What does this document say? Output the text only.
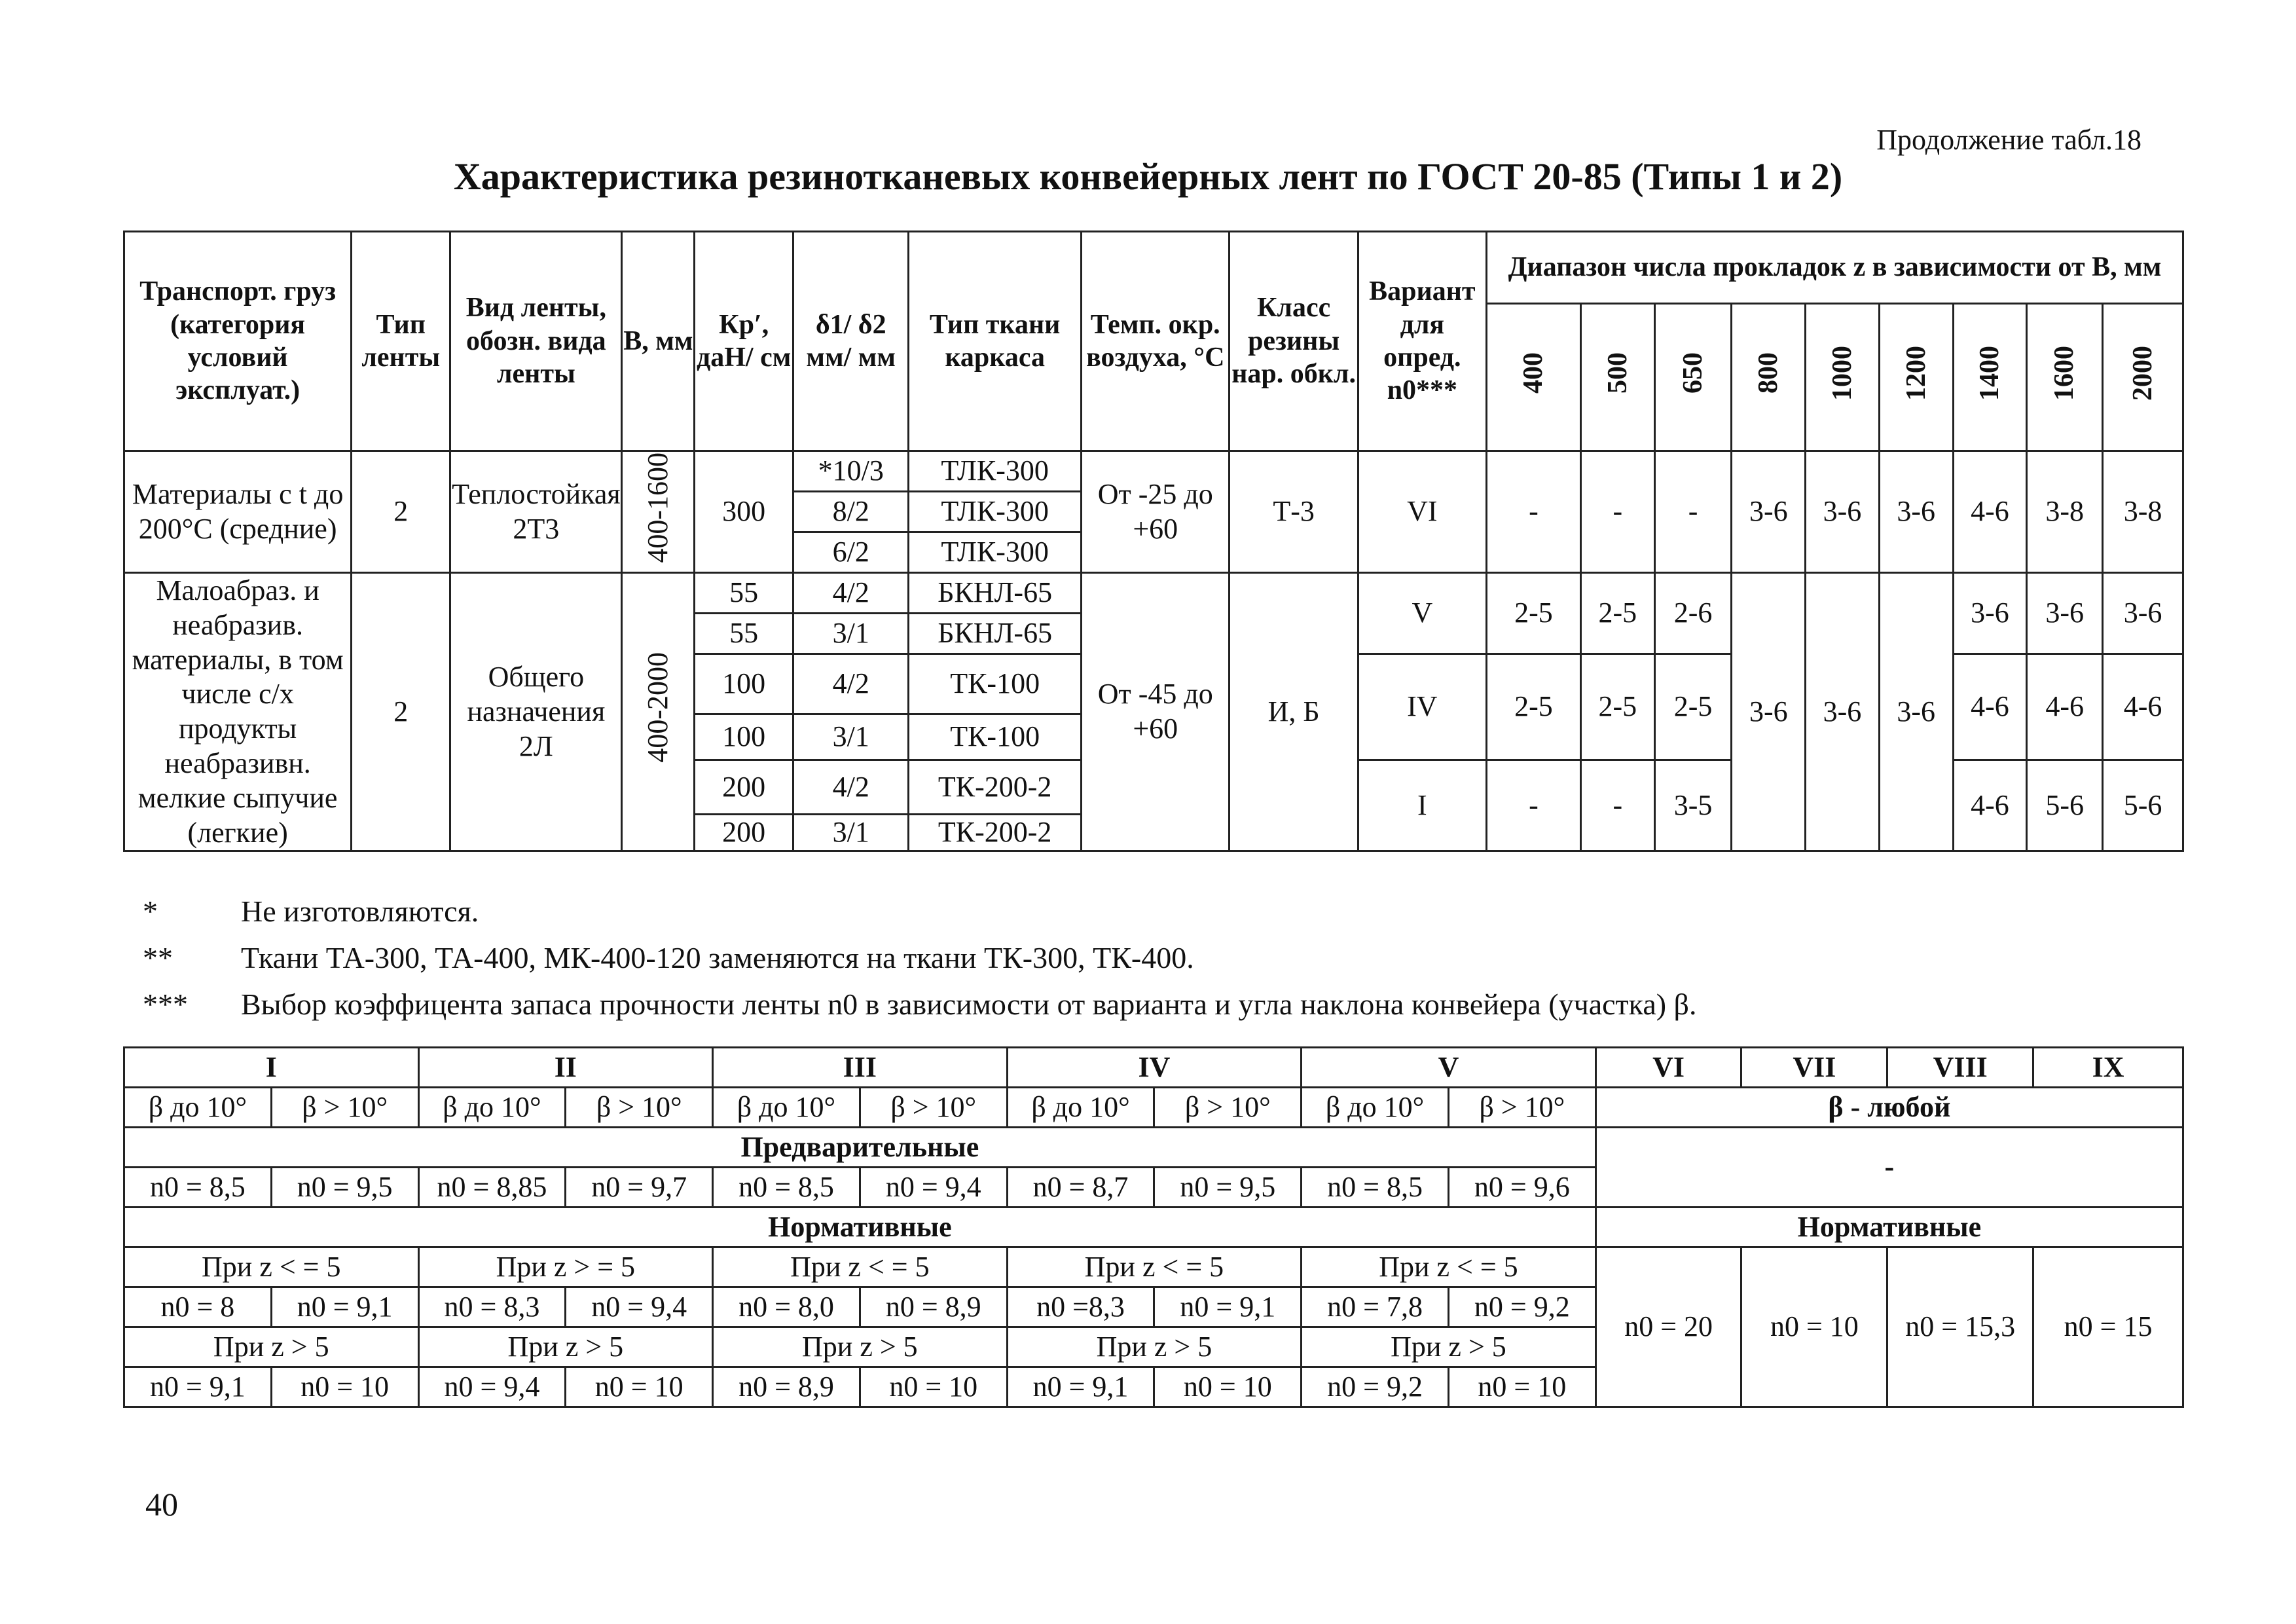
Продолжение табл.18
Характеристика резинотканевых конвейерных лент по ГОСТ 20-85 (Типы 1 и 2)
Транспорт. груз (категория условий эксплуат.)	Тип ленты	Вид ленты, обозн. вида ленты	В, мм	Кр′, даН/ см	δ1/ δ2 мм/ мм	Тип ткани каркаса	Темп. окр. воздуха, °С	Класс резины нар. обкл.	Вариант для опред. n0***	Диапазон числа прокладок z в зависимости от В, мм								
										400	500	650	800	1000	1200	1400	1600	2000
Материалы с t до 200°С (средние)	2	Теплостойкая 2Т3	400-1600	300	*10/3	ТЛК-300	От -25 до +60	Т-3	VI	-	-	-	3-6	3-6	3-6	4-6	3-8	3-8
					8/2	ТЛК-300												
					6/2	ТЛК-300												
Малоабраз. и неабразив. материалы, в том числе с/х продукты неабразивн. мелкие сыпучие (легкие)	2	Общего назначения 2Л	400-2000	55	4/2	БКНЛ-65	От -45 до +60	И, Б	V	2-5	2-5	2-6	3-6	3-6	3-6	3-6	3-6	3-6
				55	3/1	БКНЛ-65												
				100	4/2	ТК-100			IV	2-5	2-5	2-5				4-6	4-6	4-6
				100	3/1	ТК-100												
				200	4/2	ТК-200-2			I	-	-	3-5				4-6	5-6	5-6
				200	3/1	ТК-200-2												
*	Не изготовляются.
**	Ткани ТА-300, ТА-400, МК-400-120 заменяются на ткани ТК-300, ТК-400.
***	Выбор коэффицента запаса прочности ленты n0 в зависимости от варианта и угла наклона конвейера (участка) β.
I		II		III		IV		V		VI	VII	VIII	IX
β до 10°	β > 10°	β до 10°	β > 10°	β до 10°	β > 10°	β до 10°	β > 10°	β до 10°	β > 10°	β - любой			
Предварительные										-			
n0 = 8,5	n0 = 9,5	n0 = 8,85	n0 = 9,7	n0 = 8,5	n0 = 9,4	n0 = 8,7	n0 = 9,5	n0 = 8,5	n0 = 9,6				
Нормативные										Нормативные			
При z < = 5		При z > = 5		При z < = 5		При z < = 5		При z < = 5		n0 = 20	n0 = 10	n0 = 15,3	n0 = 15
n0 = 8	n0 = 9,1	n0 = 8,3	n0 = 9,4	n0 = 8,0	n0 = 8,9	n0 =8,3	n0 = 9,1	n0 = 7,8	n0 = 9,2				
При z > 5		При z > 5		При z > 5		При z > 5		При z > 5					
n0 = 9,1	n0 = 10	n0 = 9,4	n0 = 10	n0 = 8,9	n0 = 10	n0 = 9,1	n0 = 10	n0 = 9,2	n0 = 10				
40
